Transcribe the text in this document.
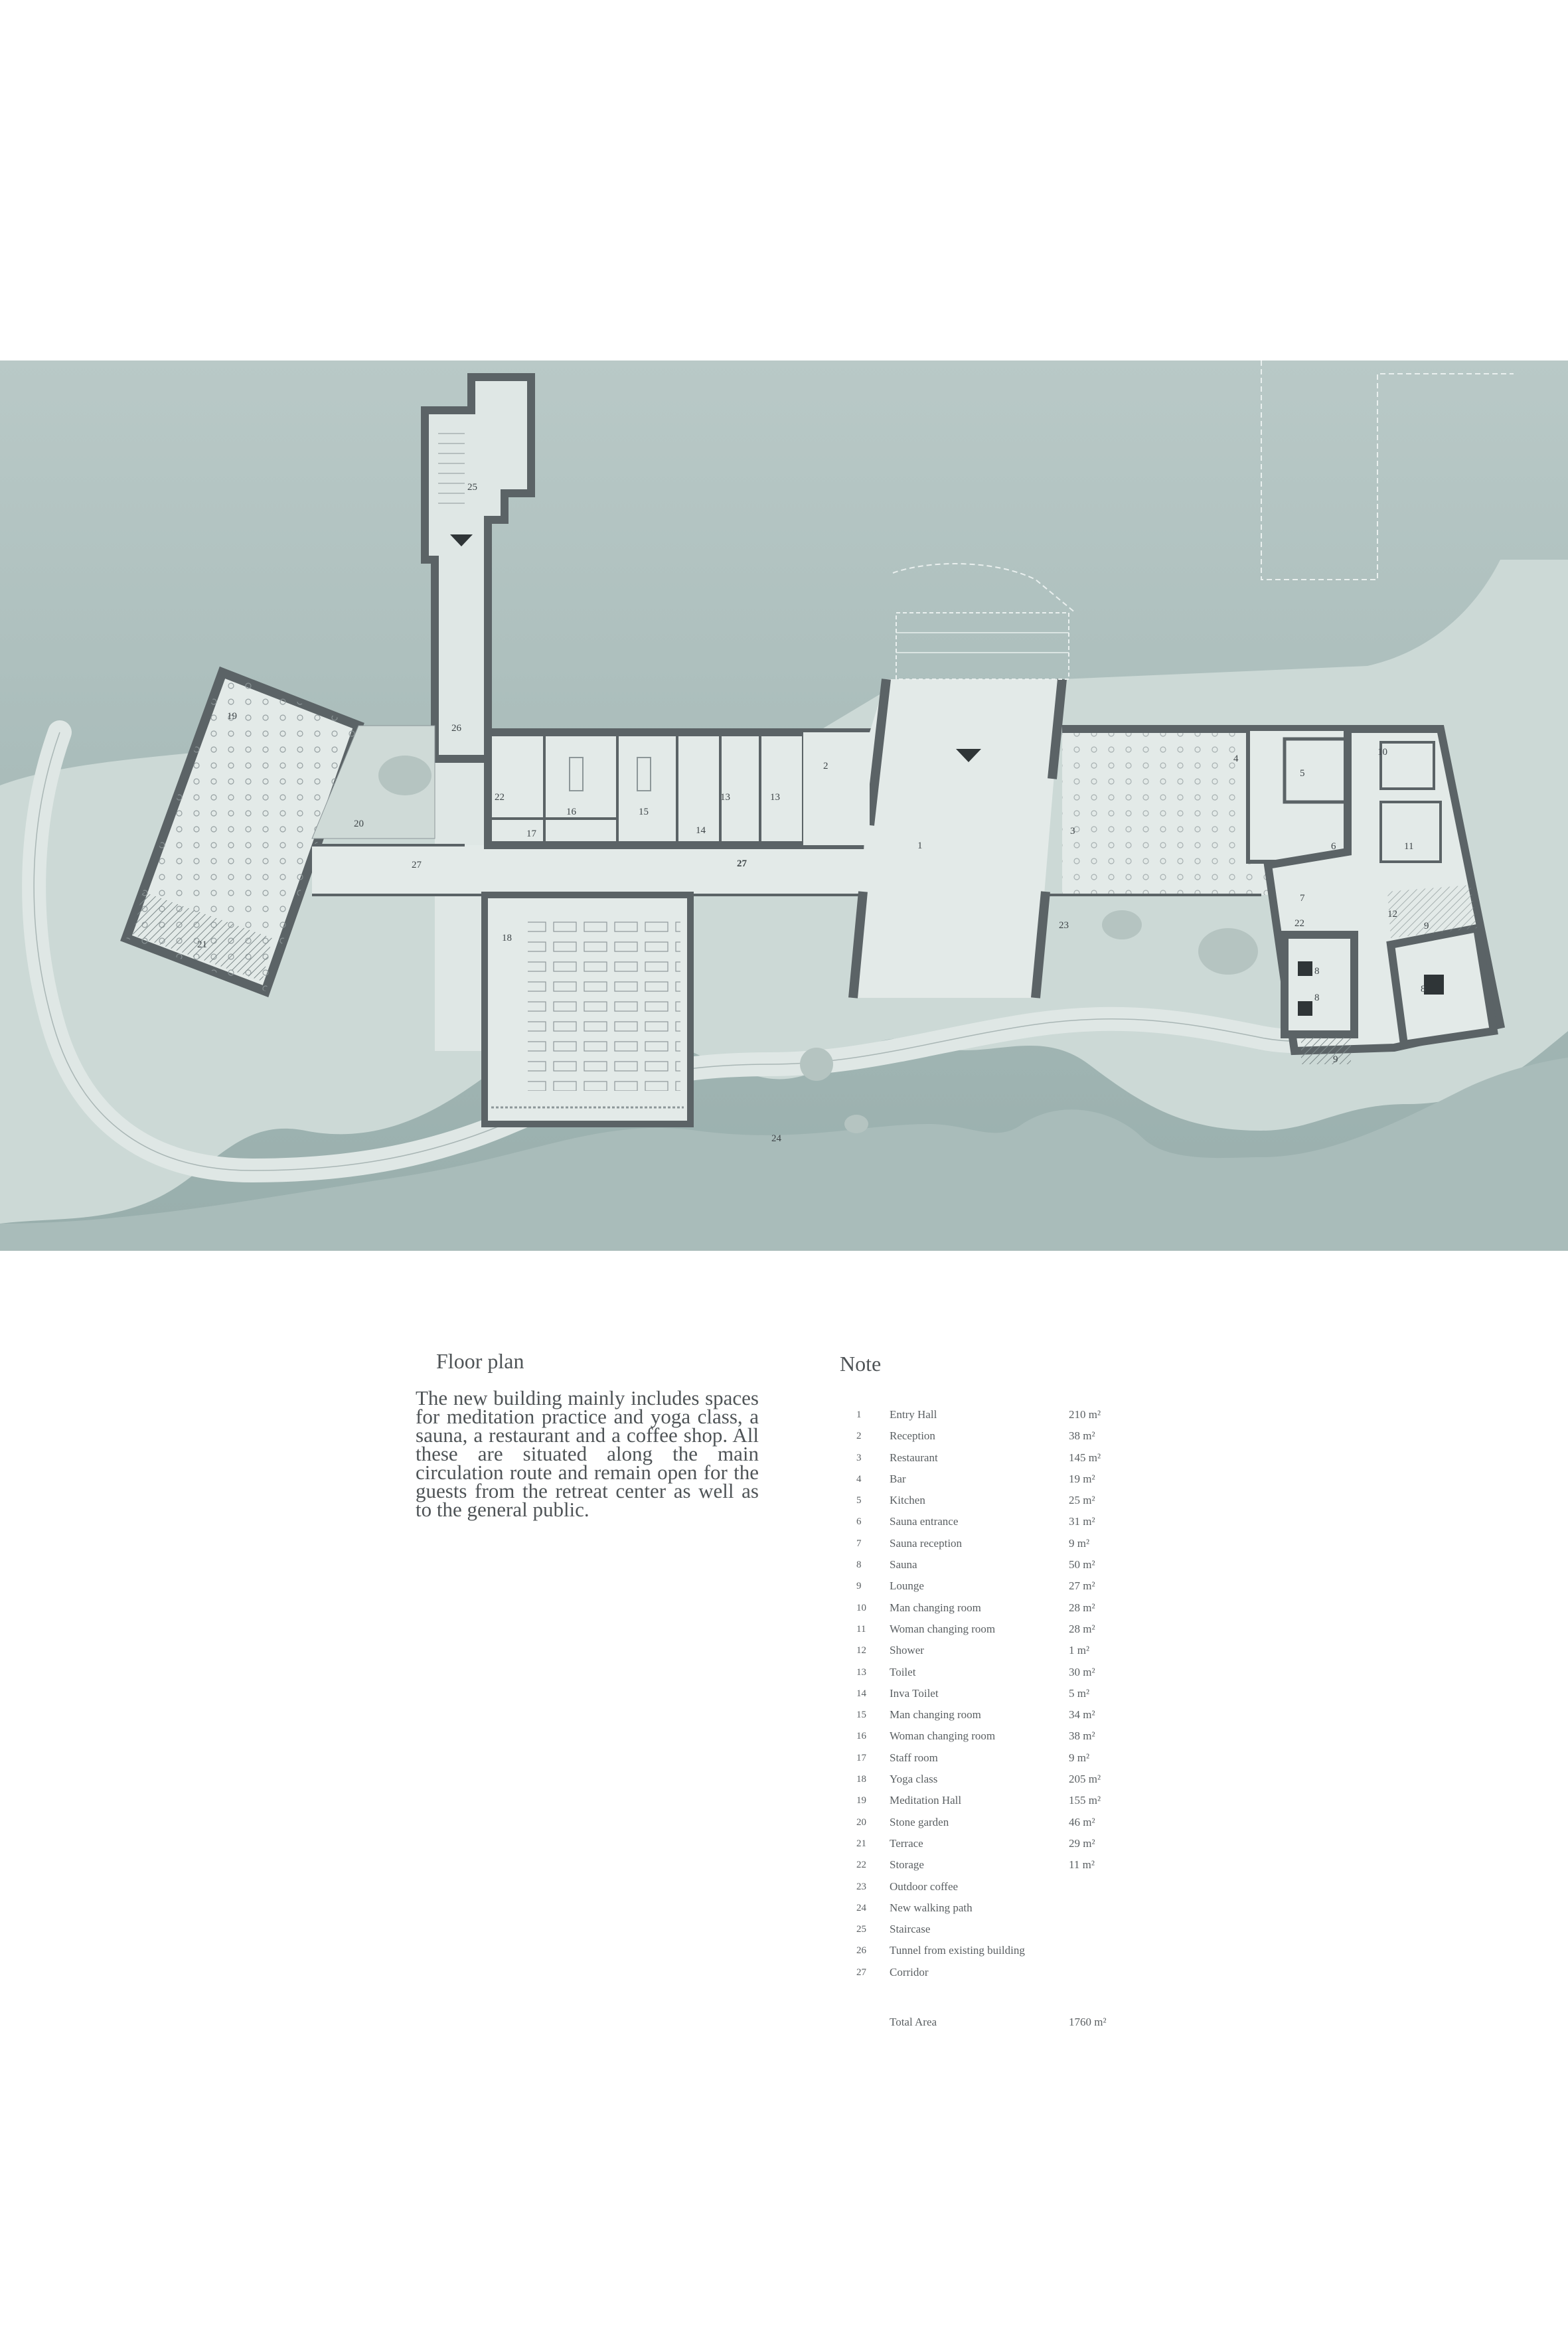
1
2
3
4
5
6
7
8
8
8
9
9
10
11
12
13	13
14
15
16
17
18
19
20
21
22
22
23
24
25
26
27	27
Floor plan
The new building mainly includes spaces for meditation practice and yoga class, a sauna, a restaurant and a coffee shop. All these are situated along the main circulation route and remain open for the guests from the retreat center as well as to the general public.
Note
1	Entry Hall	210 m²
2	Reception	38 m²
3	Restaurant	145 m²
4	Bar	19 m²
5	Kitchen	25 m²
6	Sauna entrance	31 m²
7	Sauna reception	9 m²
8	Sauna	50 m²
9	Lounge	27 m²
10	Man changing room	28 m²
11	Woman changing room	28 m²
12	Shower	1 m²
13	Toilet	30 m²
14	Inva Toilet	5 m²
15	Man changing room	34 m²
16	Woman changing room	38 m²
17	Staff room	9 m²
18	Yoga class	205 m²
19	Meditation Hall	155 m²
20	Stone garden	46 m²
21	Terrace	29 m²
22	Storage	11 m²
23	Outdoor coffee
24	New walking path
25	Staircase
26	Tunnel from existing building
27	Corridor
Total Area	1760 m²
